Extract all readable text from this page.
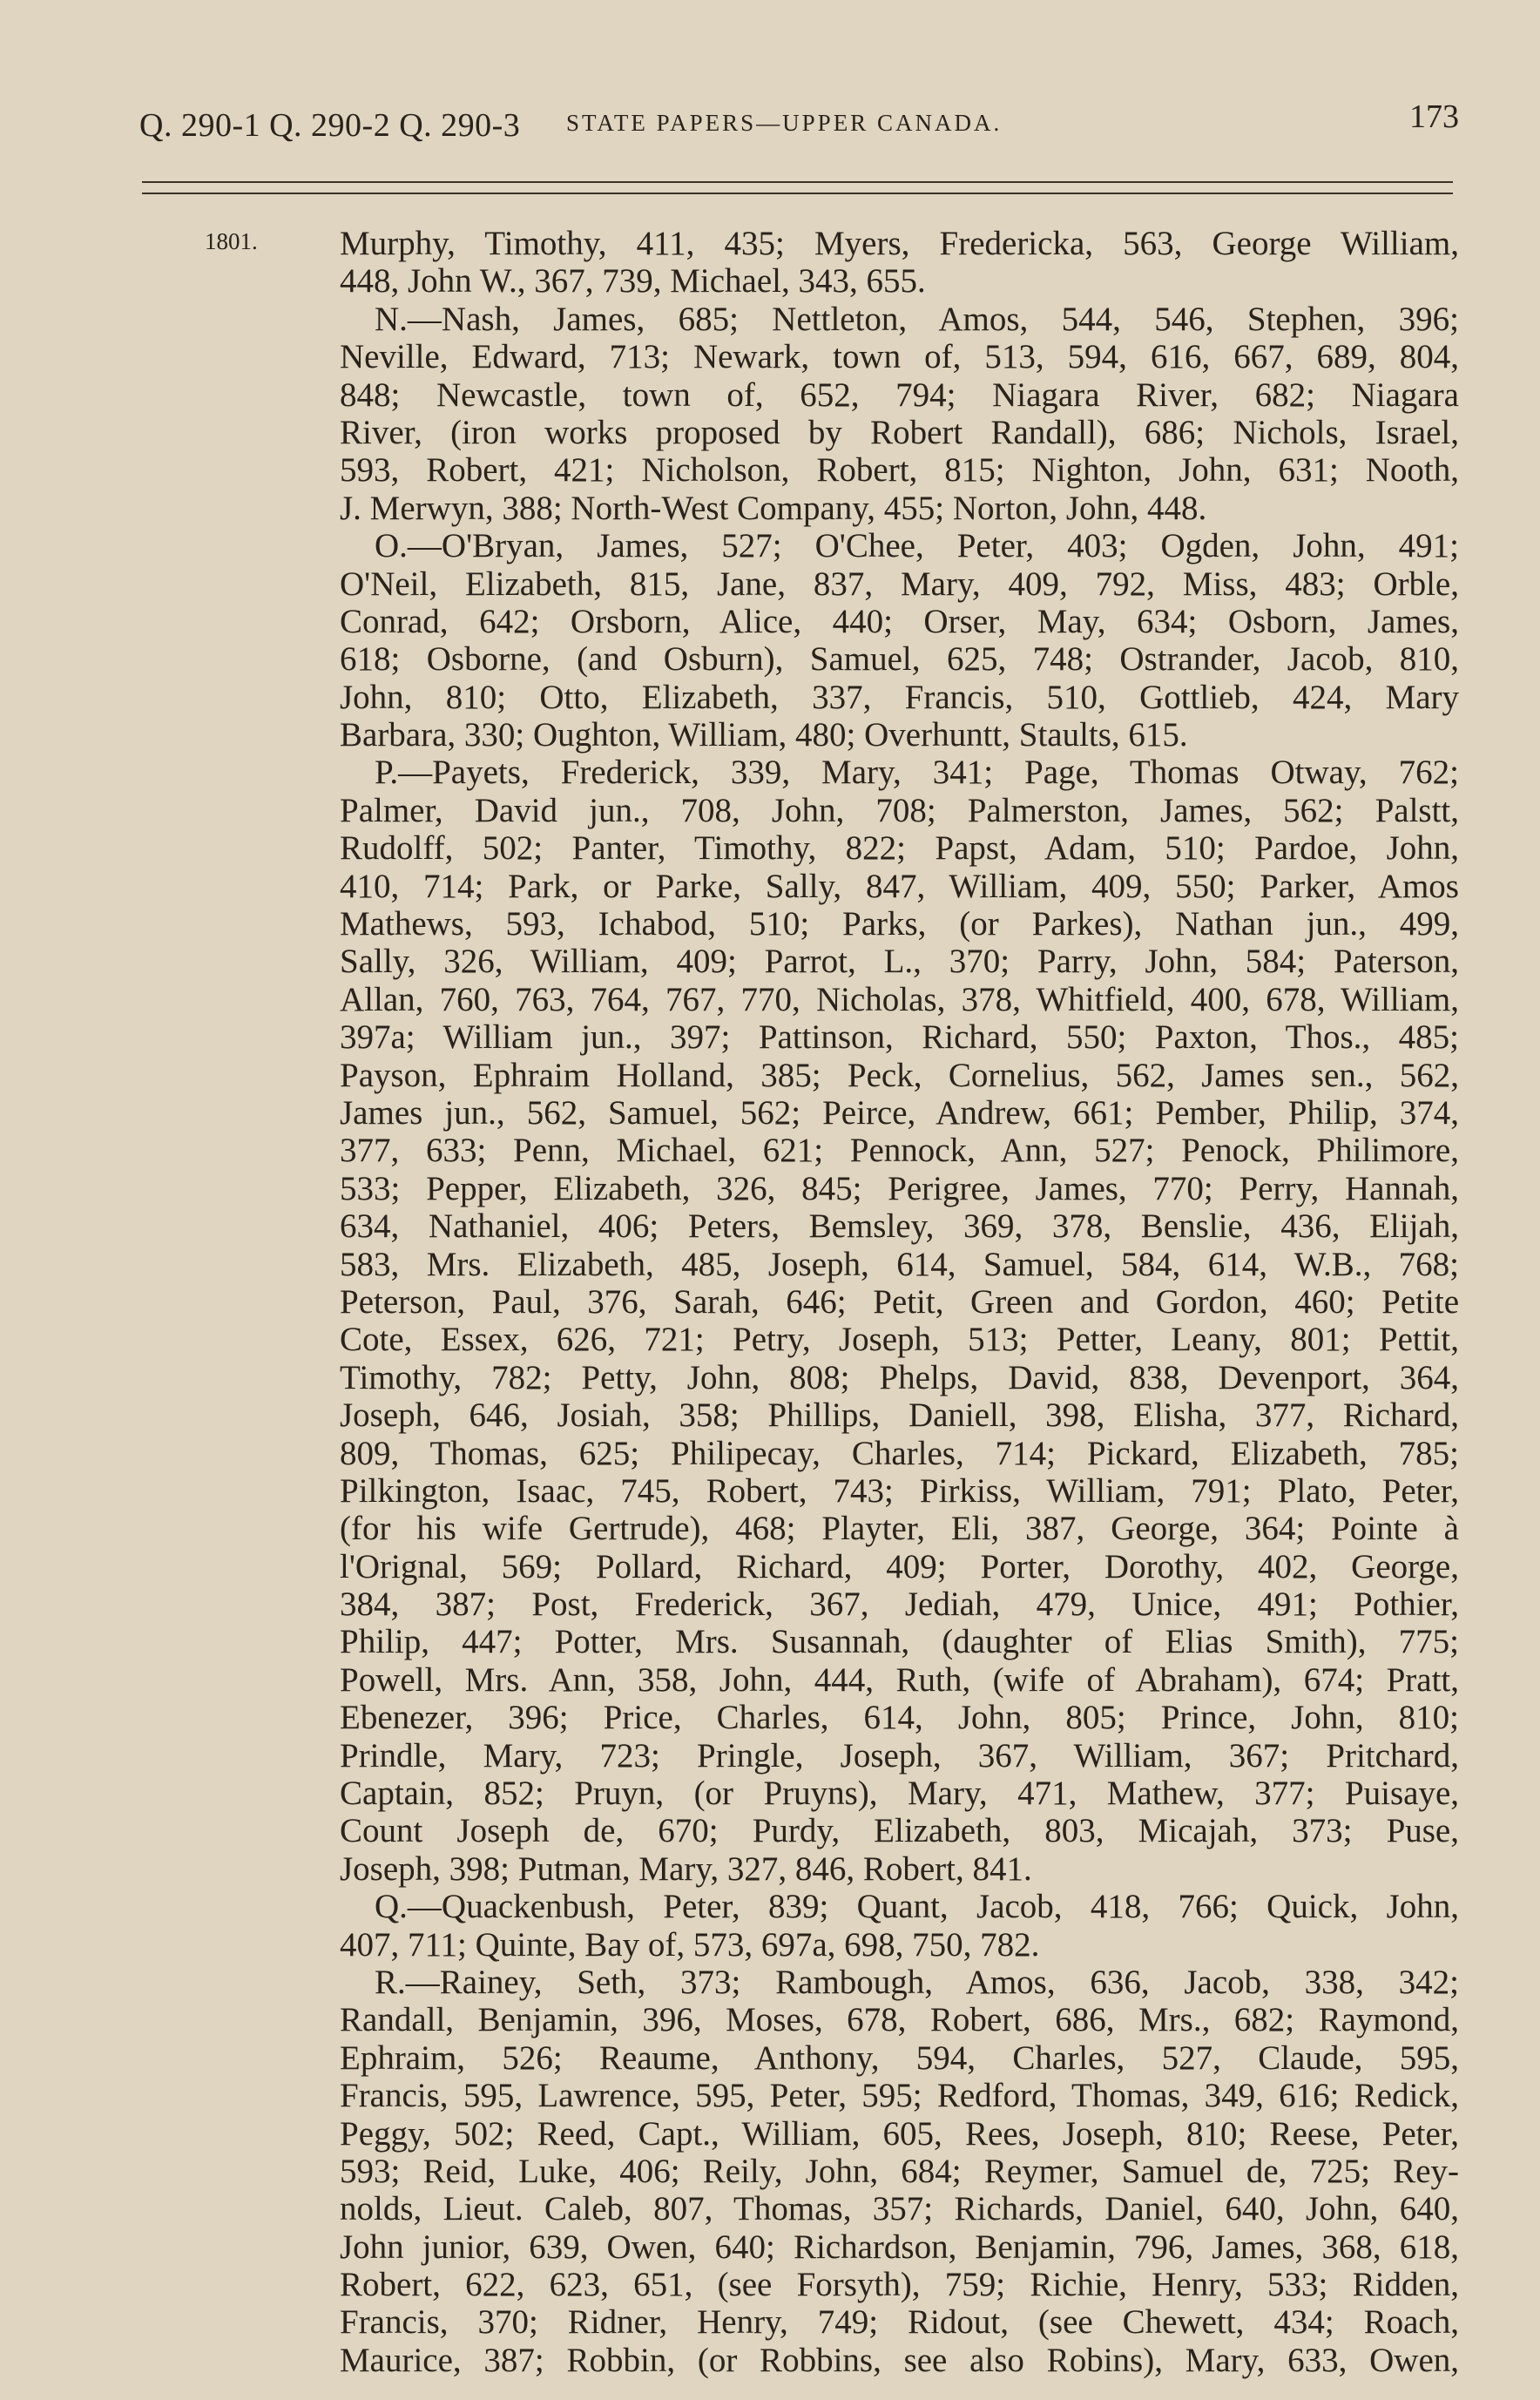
Q. 290-1 Q. 290-2 Q. 290-3 STATE PAPERS—UPPER CANADA.	173
1801. Murphy, Timothy, 411, 435; Myers, Fredericka, 563, George William,
448, John W., 367, 739, Michael, 343, 655.
N.—Nash, James, 685; Nettleton, Amos, 544, 546, Stephen, 396;
Neville, Edward, 713; Newark, town of, 513, 594, 616, 667, 689, 804,
848; Newcastle, town of, 652, 794; Niagara River, 682; Niagara
River, (iron works proposed by Robert Randall), 686; Nichols, Israel,
593, Robert, 421; Nicholson, Robert, 815; Nighton, John, 631; Nooth,
J. Merwyn, 388; North-West Company, 455; Norton, John, 448.
O.—O'Bryan, James, 527; O'Chee, Peter, 403; Ogden, John, 491;
O'Neil, Elizabeth, 815, Jane, 837, Mary, 409, 792, Miss, 483; Orble,
Conrad, 642; Orsborn, Alice, 440; Orser, May, 634; Osborn, James,
618; Osborne, (and Osburn), Samuel, 625, 748; Ostrander, Jacob, 810,
John, 810; Otto, Elizabeth, 337, Francis, 510, Gottlieb, 424, Mary
Barbara, 330; Oughton, William, 480; Overhuntt, Staults, 615.
P.—Payets, Frederick, 339, Mary, 341; Page, Thomas Otway, 762;
Palmer, David jun., 708, John, 708; Palmerston, James, 562; Palstt,
Rudolff, 502; Panter, Timothy, 822; Papst, Adam, 510; Pardoe, John,
410, 714; Park, or Parke, Sally, 847, William, 409, 550; Parker, Amos
Mathews, 593, Ichabod, 510; Parks, (or Parkes), Nathan jun., 499,
Sally, 326, William, 409; Parrot, L., 370; Parry, John, 584; Paterson,
Allan, 760, 763, 764, 767, 770, Nicholas, 378, Whitfield, 400, 678, William,
397a; William jun., 397; Pattinson, Richard, 550; Paxton, Thos., 485;
Payson, Ephraim Holland, 385; Peck, Cornelius, 562, James sen., 562,
James jun., 562, Samuel, 562; Peirce, Andrew, 661; Pember, Philip, 374,
377, 633; Penn, Michael, 621; Pennock, Ann, 527; Penock, Philimore,
533; Pepper, Elizabeth, 326, 845; Perigree, James, 770; Perry, Hannah,
634, Nathaniel, 406; Peters, Bemsley, 369, 378, Benslie, 436, Elijah,
583, Mrs. Elizabeth, 485, Joseph, 614, Samuel, 584, 614, W.B., 768;
Peterson, Paul, 376, Sarah, 646; Petit, Green and Gordon, 460; Petite
Cote, Essex, 626, 721; Petry, Joseph, 513; Petter, Leany, 801; Pettit,
Timothy, 782; Petty, John, 808; Phelps, David, 838, Devenport, 364,
Joseph, 646, Josiah, 358; Phillips, Daniell, 398, Elisha, 377, Richard,
809, Thomas, 625; Philipecay, Charles, 714; Pickard, Elizabeth, 785;
Pilkington, Isaac, 745, Robert, 743; Pirkiss, William, 791; Plato, Peter,
(for his wife Gertrude), 468; Playter, Eli, 387, George, 364; Pointe à
l'Orignal, 569; Pollard, Richard, 409; Porter, Dorothy, 402, George,
384, 387; Post, Frederick, 367, Jediah, 479, Unice, 491; Pothier,
Philip, 447; Potter, Mrs. Susannah, (daughter of Elias Smith), 775;
Powell, Mrs. Ann, 358, John, 444, Ruth, (wife of Abraham), 674; Pratt,
Ebenezer, 396; Price, Charles, 614, John, 805; Prince, John, 810;
Prindle, Mary, 723; Pringle, Joseph, 367, William, 367; Pritchard,
Captain, 852; Pruyn, (or Pruyns), Mary, 471, Mathew, 377; Puisaye,
Count Joseph de, 670; Purdy, Elizabeth, 803, Micajah, 373; Puse,
Joseph, 398; Putman, Mary, 327, 846, Robert, 841.
Q.—Quackenbush, Peter, 839; Quant, Jacob, 418, 766; Quick, John,
407, 711; Quinte, Bay of, 573, 697a, 698, 750, 782.
R.—Rainey, Seth, 373; Rambough, Amos, 636, Jacob, 338, 342;
Randall, Benjamin, 396, Moses, 678, Robert, 686, Mrs., 682; Raymond,
Ephraim, 526; Reaume, Anthony, 594, Charles, 527, Claude, 595,
Francis, 595, Lawrence, 595, Peter, 595; Redford, Thomas, 349, 616; Redick,
Peggy, 502; Reed, Capt., William, 605, Rees, Joseph, 810; Reese, Peter,
593; Reid, Luke, 406; Reily, John, 684; Reymer, Samuel de, 725; Rey-
nolds, Lieut. Caleb, 807, Thomas, 357; Richards, Daniel, 640, John, 640,
John junior, 639, Owen, 640; Richardson, Benjamin, 796, James, 368, 618,
Robert, 622, 623, 651, (see Forsyth), 759; Richie, Henry, 533; Ridden,
Francis, 370; Ridner, Henry, 749; Ridout, (see Chewett, 434; Roach,
Maurice, 387; Robbin, (or Robbins, see also Robins), Mary, 633, Owen,
